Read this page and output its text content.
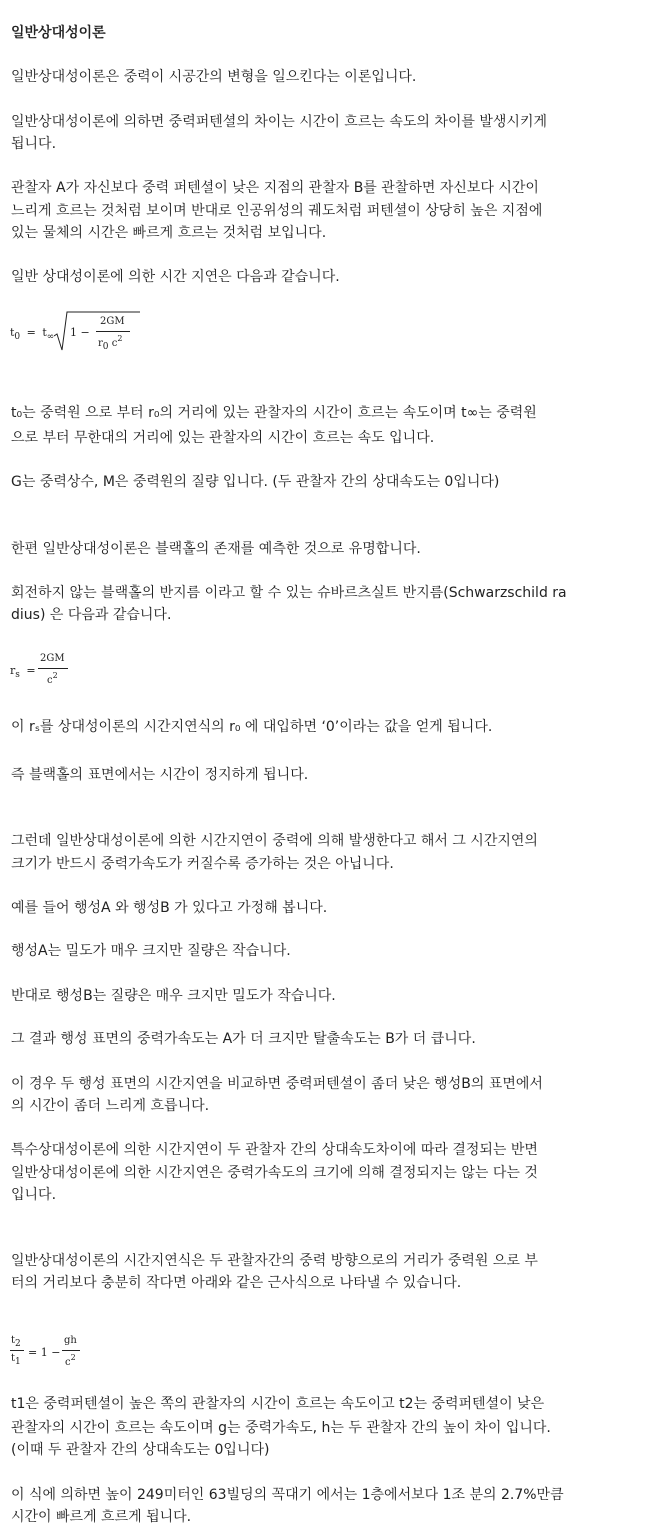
일반상대성이론
일반상대성이론은 중력이 시공간의 변형을 일으킨다는 이론입니다.
일반상대성이론에 의하면 중력퍼텐셜의 차이는 시간이 흐르는 속도의 차이를 발생시키게
됩니다.
관찰자 A가 자신보다 중력 퍼텐셜이 낮은 지점의 관찰자 B를 관찰하면 자신보다 시간이
느리게 흐르는 것처럼 보이며 반대로 인공위성의 궤도처럼 퍼텐셜이 상당히 높은 지점에
있는 물체의 시간은 빠르게 흐르는 것처럼 보입니다.
일반 상대성이론에 의한 시간 지연은 다음과 같습니다.
$t_0 = t_\infty$ 1 −
2GM
r0 $c^2$
t₀는 중력원 으로 부터 r₀의 거리에 있는 관찰자의 시간이 흐르는 속도이며 t∞는 중력원
으로 부터 무한대의 거리에 있는 관찰자의 시간이 흐르는 속도 입니다.
G는 중력상수, M은 중력원의 질량 입니다. (두 관찰자 간의 상대속도는 0입니다)
한편 일반상대성이론은 블랙홀의 존재를 예측한 것으로 유명합니다.
회전하지 않는 블랙홀의 반지름 이라고 할 수 있는 슈바르츠실트 반지름(Schwarzschild ra
dius) 은 다음과 같습니다.
$r_s$ =
2GM
$c^2$
이 rₛ를 상대성이론의 시간지연식의 r₀ 에 대입하면 ‘0’이라는 값을 얻게 됩니다.
즉 블랙홀의 표면에서는 시간이 정지하게 됩니다.
그런데 일반상대성이론에 의한 시간지연이 중력에 의해 발생한다고 해서 그 시간지연의
크기가 반드시 중력가속도가 커질수록 증가하는 것은 아닙니다.
예를 들어 행성A 와 행성B 가 있다고 가정해 봅니다.
행성A는 밀도가 매우 크지만 질량은 작습니다.
반대로 행성B는 질량은 매우 크지만 밀도가 작습니다.
그 결과 행성 표면의 중력가속도는 A가 더 크지만 탈출속도는 B가 더 큽니다.
이 경우 두 행성 표면의 시간지연을 비교하면 중력퍼텐셜이 좀더 낮은 행성B의 표면에서
의 시간이 좀더 느리게 흐릅니다.
특수상대성이론에 의한 시간지연이 두 관찰자 간의 상대속도차이에 따라 결정되는 반면
일반상대성이론에 의한 시간지연은 중력가속도의 크기에 의해 결정되지는 않는 다는 것
입니다.
일반상대성이론의 시간지연식은 두 관찰자간의 중력 방향으로의 거리가 중력원 으로 부
터의 거리보다 충분히 작다면 아래와 같은 근사식으로 나타낼 수 있습니다.
t2
t1
= 1 −
gh
$c^2$
t1은 중력퍼텐셜이 높은 쪽의 관찰자의 시간이 흐르는 속도이고 t2는 중력퍼텐셜이 낮은
관찰자의 시간이 흐르는 속도이며 g는 중력가속도, h는 두 관찰자 간의 높이 차이 입니다.
(이때 두 관찰자 간의 상대속도는 0입니다)
이 식에 의하면 높이 249미터인 63빌딩의 꼭대기 에서는 1층에서보다 1조 분의 2.7%만큼
시간이 빠르게 흐르게 됩니다.
